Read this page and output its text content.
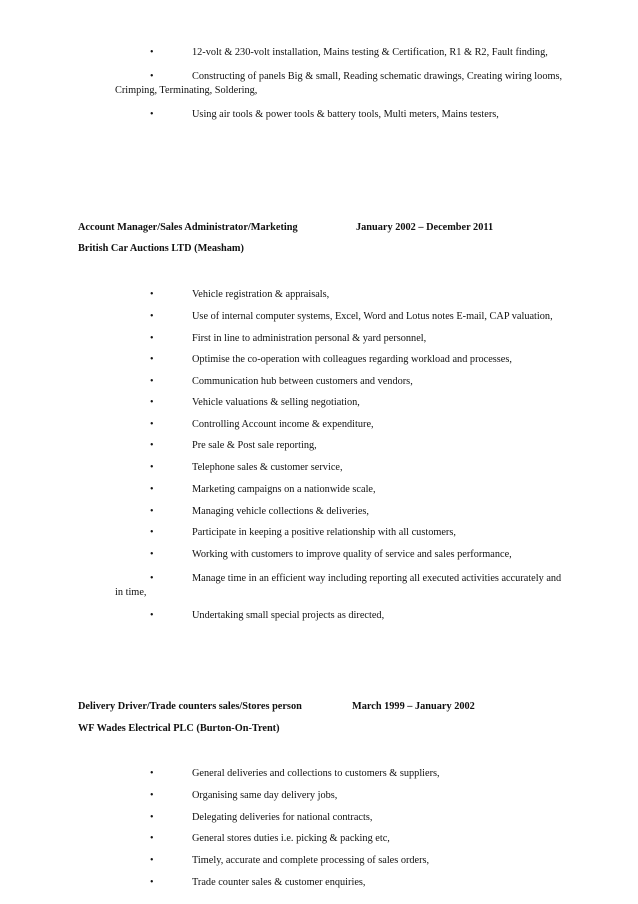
•	12-volt & 230-volt installation, Mains testing & Certification, R1 & R2, Fault finding,
•	Constructing of panels Big & small, Reading schematic drawings, Creating wiring looms,
Crimping, Terminating, Soldering,
•	Using air tools & power tools & battery tools, Multi meters, Mains testers,
Account Manager/Sales Administrator/Marketing	January 2002 – December 2011
British Car Auctions LTD (Measham)
•	Vehicle registration & appraisals,
•	Use of internal computer systems, Excel, Word and Lotus notes E-mail, CAP valuation,
•	First in line to administration personal & yard personnel,
•	Optimise the co-operation with colleagues regarding workload and processes,
•	Communication hub between customers and vendors,
•	Vehicle valuations & selling negotiation,
•	Controlling Account income & expenditure,
•	Pre sale & Post sale reporting,
•	Telephone sales & customer service,
•	Marketing campaigns on a nationwide scale,
•	Managing vehicle collections & deliveries,
•	Participate in keeping a positive relationship with all customers,
•	Working with customers to improve quality of service and sales performance,
•	Manage time in an efficient way including reporting all executed activities accurately and
in time,
•	Undertaking small special projects as directed,
Delivery Driver/Trade counters sales/Stores person	March 1999 – January 2002
WF Wades Electrical PLC (Burton-On-Trent)
•	General deliveries and collections to customers & suppliers,
•	Organising same day delivery jobs,
•	Delegating deliveries for national contracts,
•	General stores duties i.e. picking & packing etc,
•	Timely, accurate and complete processing of sales orders,
•	Trade counter sales & customer enquiries,
